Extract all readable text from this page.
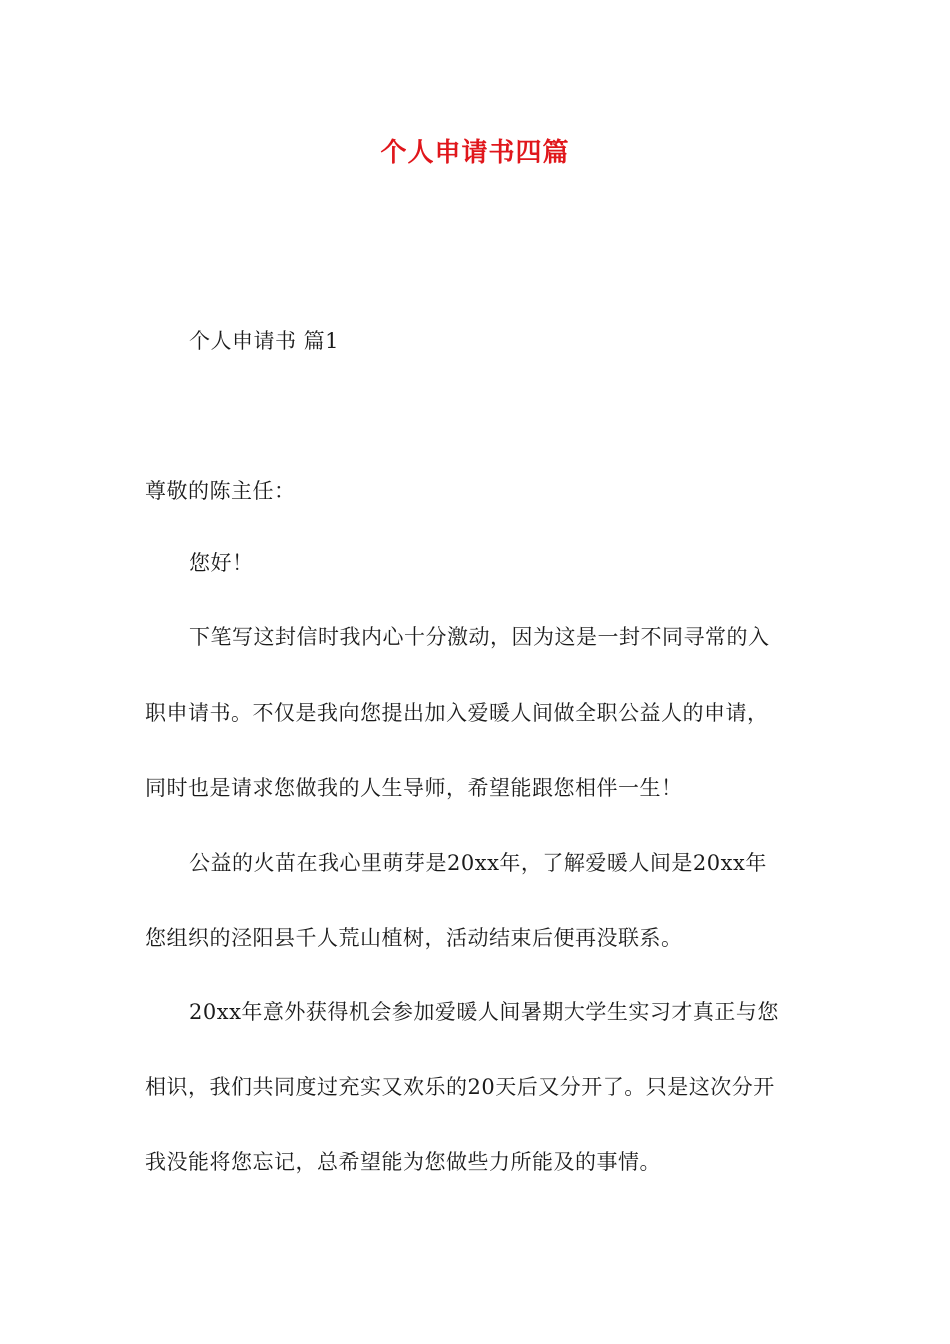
个人申请书四篇
个人申请书 篇1
尊敬的陈主任：
您好！
下笔写这封信时我内心十分激动，因为这是一封不同寻常的入
职申请书。不仅是我向您提出加入爱暖人间做全职公益人的申请，
同时也是请求您做我的人生导师，希望能跟您相伴一生！
公益的火苗在我心里萌芽是20xx年，了解爱暖人间是20xx年
您组织的泾阳县千人荒山植树，活动结束后便再没联系。
20xx年意外获得机会参加爱暖人间暑期大学生实习才真正与您
相识，我们共同度过充实又欢乐的20天后又分开了。只是这次分开
我没能将您忘记，总希望能为您做些力所能及的事情。
